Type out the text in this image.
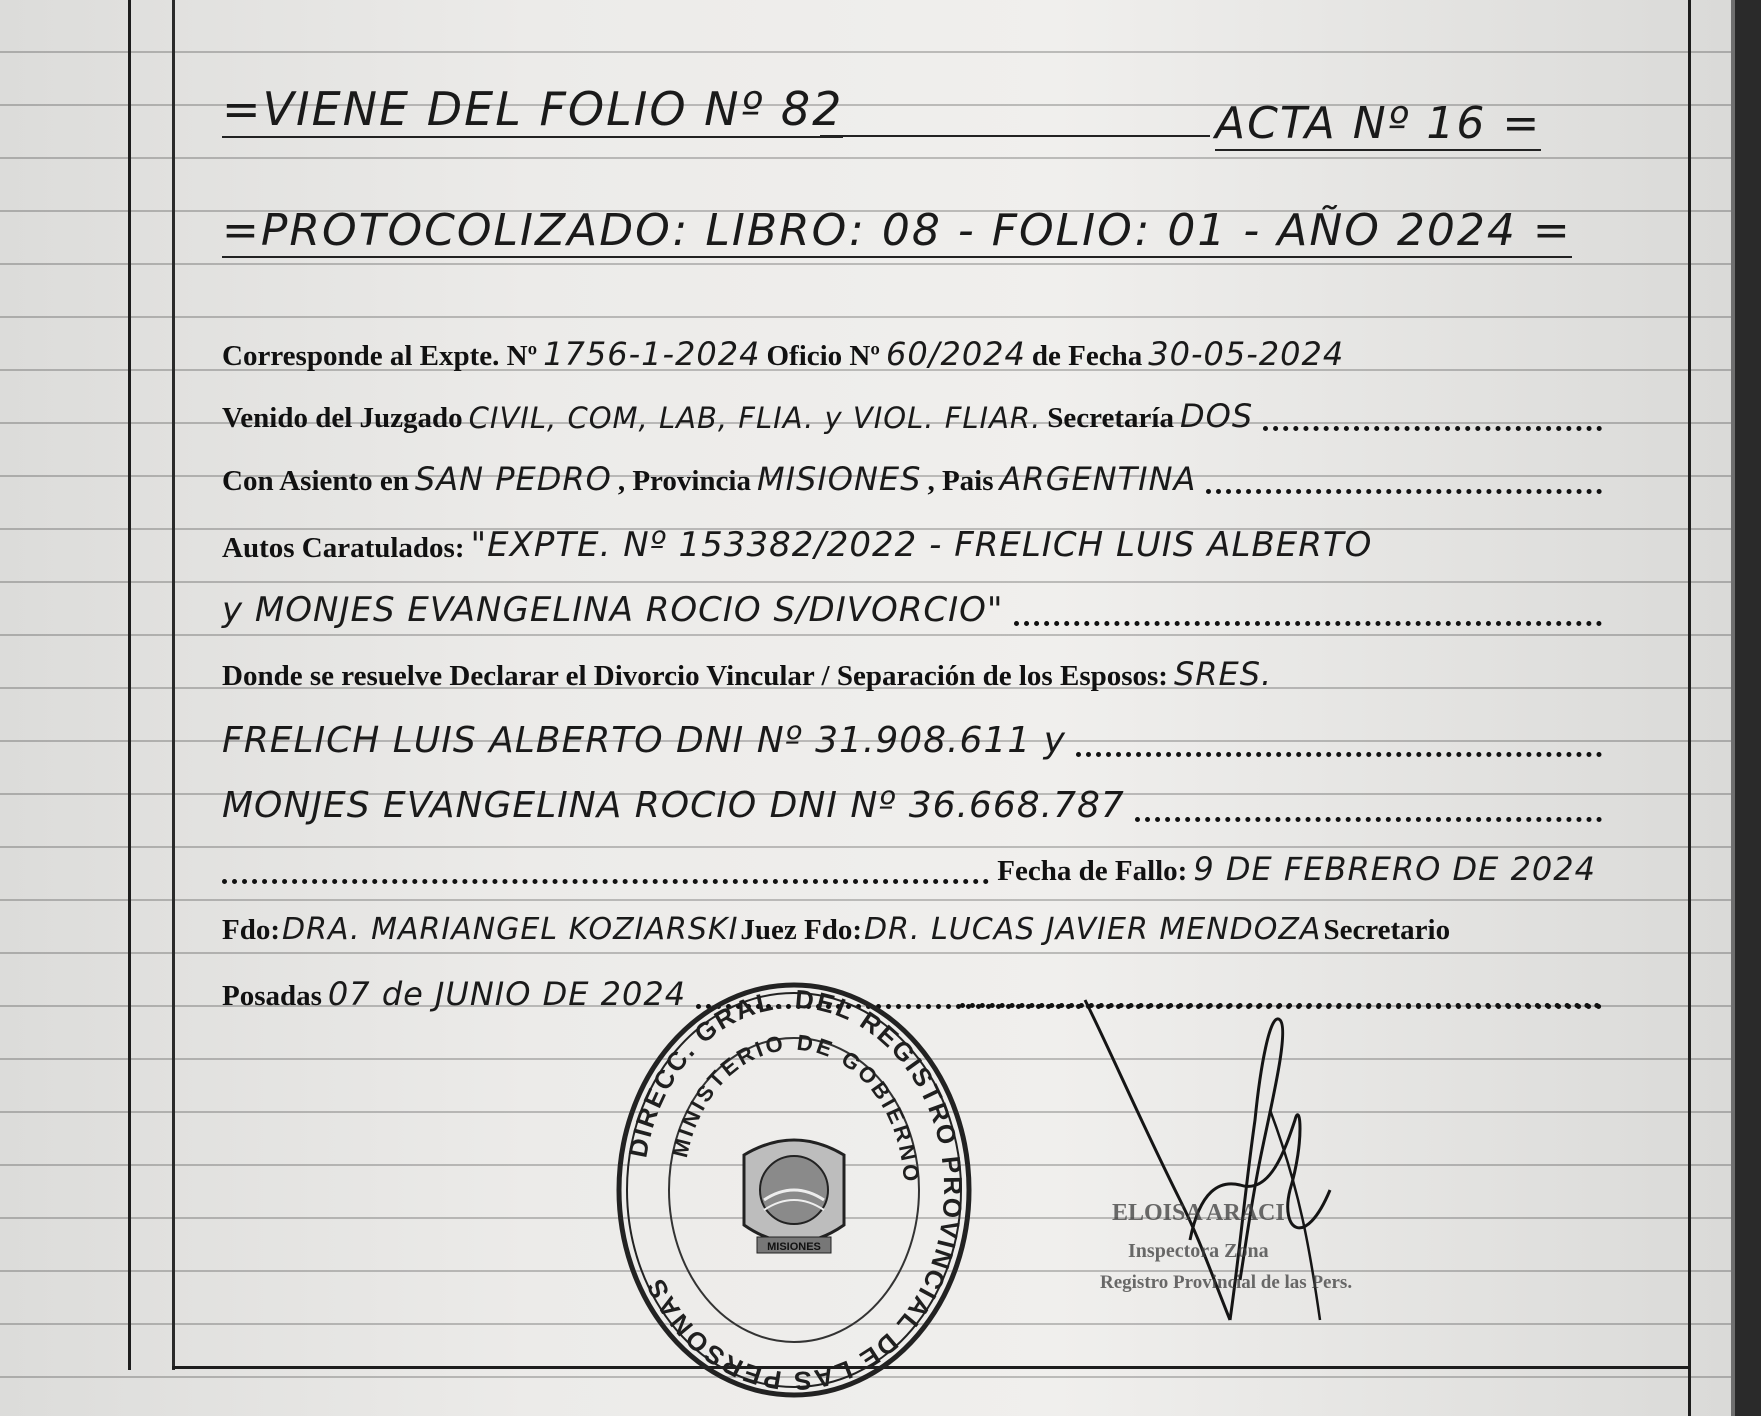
=VIENE DEL FOLIO Nº 82	ACTA Nº 16 =
=PROTOCOLIZADO: LIBRO: 08 - FOLIO: 01 - AÑO 2024 =
Corresponde al Expte. Nº 1756-1-2024 Oficio Nº 60/2024 de Fecha 30-05-2024
Venido del Juzgado CIVIL, COM, LAB, FLIA. y VIOL. FLIAR. Secretaría DOS
Con Asiento en SAN PEDRO , Provincia MISIONES , Pais ARGENTINA
Autos Caratulados: "EXPTE. Nº 153382/2022 - FRELICH LUIS ALBERTO
y MONJES EVANGELINA ROCIO S/DIVORCIO"
Donde se resuelve Declarar el Divorcio Vincular / Separación de los Esposos: SRES.
FRELICH LUIS ALBERTO DNI Nº 31.908.611 y
MONJES EVANGELINA ROCIO DNI Nº 36.668.787
Fecha de Fallo: 9 DE FEBRERO DE 2024
Fdo: DRA. MARIANGEL KOZIARSKI Juez Fdo: DR. LUCAS JAVIER MENDOZA Secretario
Posadas 07 de JUNIO DE 2024
DIRECC. GRAL. DEL REGISTRO PROVINCIAL DE LAS PERSONAS
MISIONES
MINISTERIO DE GOBIERNO
ELOISA ARACI
Inspectora Zona
Registro Provincial de las Pers.
